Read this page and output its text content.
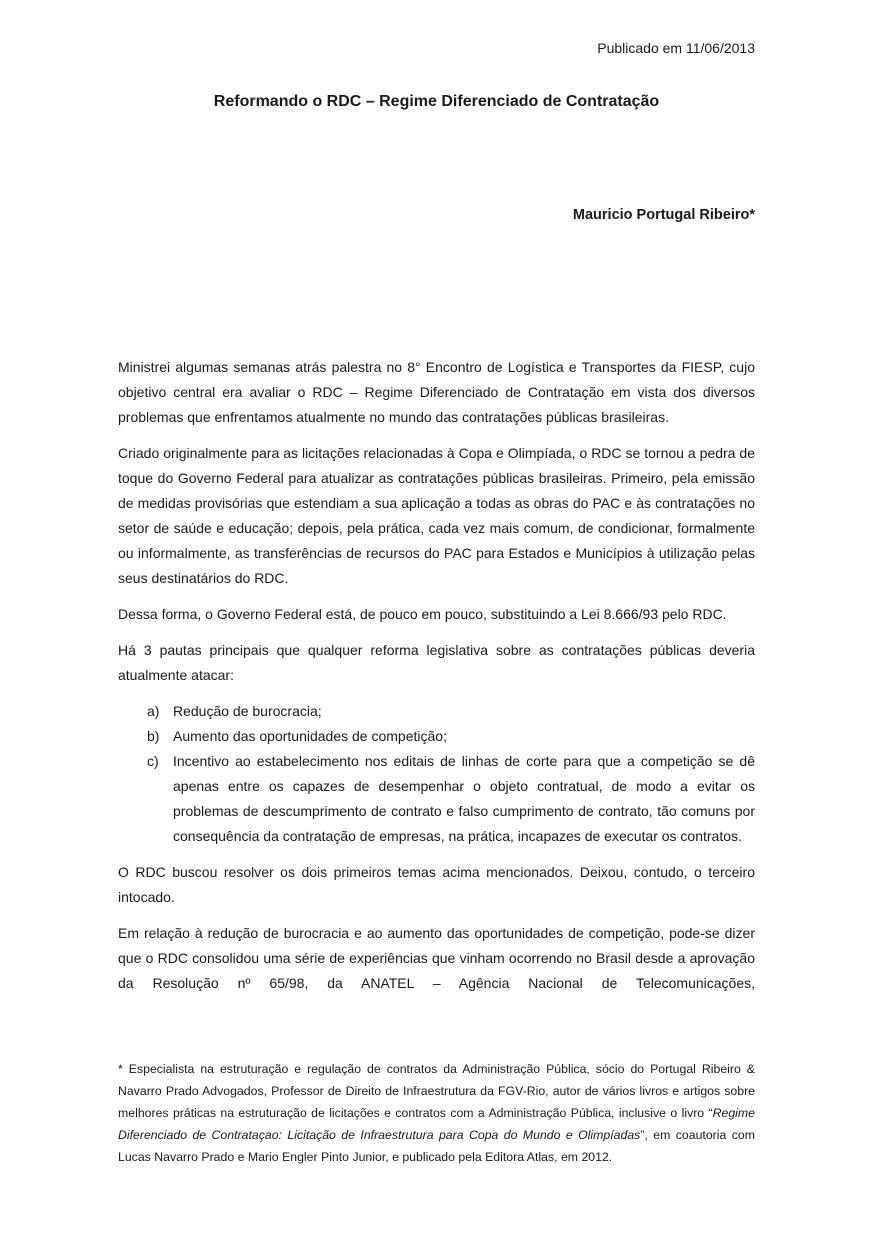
Publicado em 11/06/2013
Reformando o RDC – Regime Diferenciado de Contratação
Mauricio Portugal Ribeiro*

Ministrei algumas semanas atrás palestra no 8° Encontro de Logística e Transportes da FIESP, cujo objetivo central era avaliar o RDC – Regime Diferenciado de Contratação em vista dos diversos problemas que enfrentamos atualmente no mundo das contratações públicas brasileiras.

Criado originalmente para as licitações relacionadas à Copa e Olimpíada, o RDC se tornou a pedra de toque do Governo Federal para atualizar as contratações públicas brasileiras. Primeiro, pela emissão de medidas provisórias que estendiam a sua aplicação a todas as obras do PAC e às contratações no setor de saúde e educação; depois, pela prática, cada vez mais comum, de condicionar, formalmente ou informalmente, as transferências de recursos do PAC para Estados e Municípios à utilização pelas seus destinatários do RDC.

Dessa forma, o Governo Federal está, de pouco em pouco, substituindo a Lei 8.666/93 pelo RDC.

Há 3 pautas principais que qualquer reforma legislativa sobre as contratações públicas deveria atualmente atacar:

a) Redução de burocracia;
b) Aumento das oportunidades de competição;
c)	Incentivo ao estabelecimento nos editais de linhas de corte para que a competição se dê apenas entre os capazes de desempenhar o objeto contratual, de modo a evitar os problemas de descumprimento de contrato e falso cumprimento de contrato, tão comuns por consequência da contratação de empresas, na prática, incapazes de executar os contratos.

O RDC buscou resolver os dois primeiros temas acima mencionados. Deixou, contudo, o terceiro intocado.

Em relação à redução de burocracia e ao aumento das oportunidades de competição, pode-se dizer que o RDC consolidou uma série de experiências que vinham ocorrendo no Brasil desde a aprovação da Resolução nº 65/98, da ANATEL – Agência Nacional de Telecomunicações,

* Especialista na estruturação e regulação de contratos da Administração Pública, sócio do Portugal Ribeiro & Navarro Prado Advogados, Professor de Direito de Infraestrutura da FGV-Rio, autor de vários livros e artigos sobre melhores práticas na estruturação de licitações e contratos com a Administração Pública, inclusive o livro “Regime Diferenciado de Contrataçao: Licitação de Infraestrutura para Copa do Mundo e Olimpíadas”, em coautoria com Lucas Navarro Prado e Mario Engler Pinto Junior, e publicado pela Editora Atlas, em 2012.
